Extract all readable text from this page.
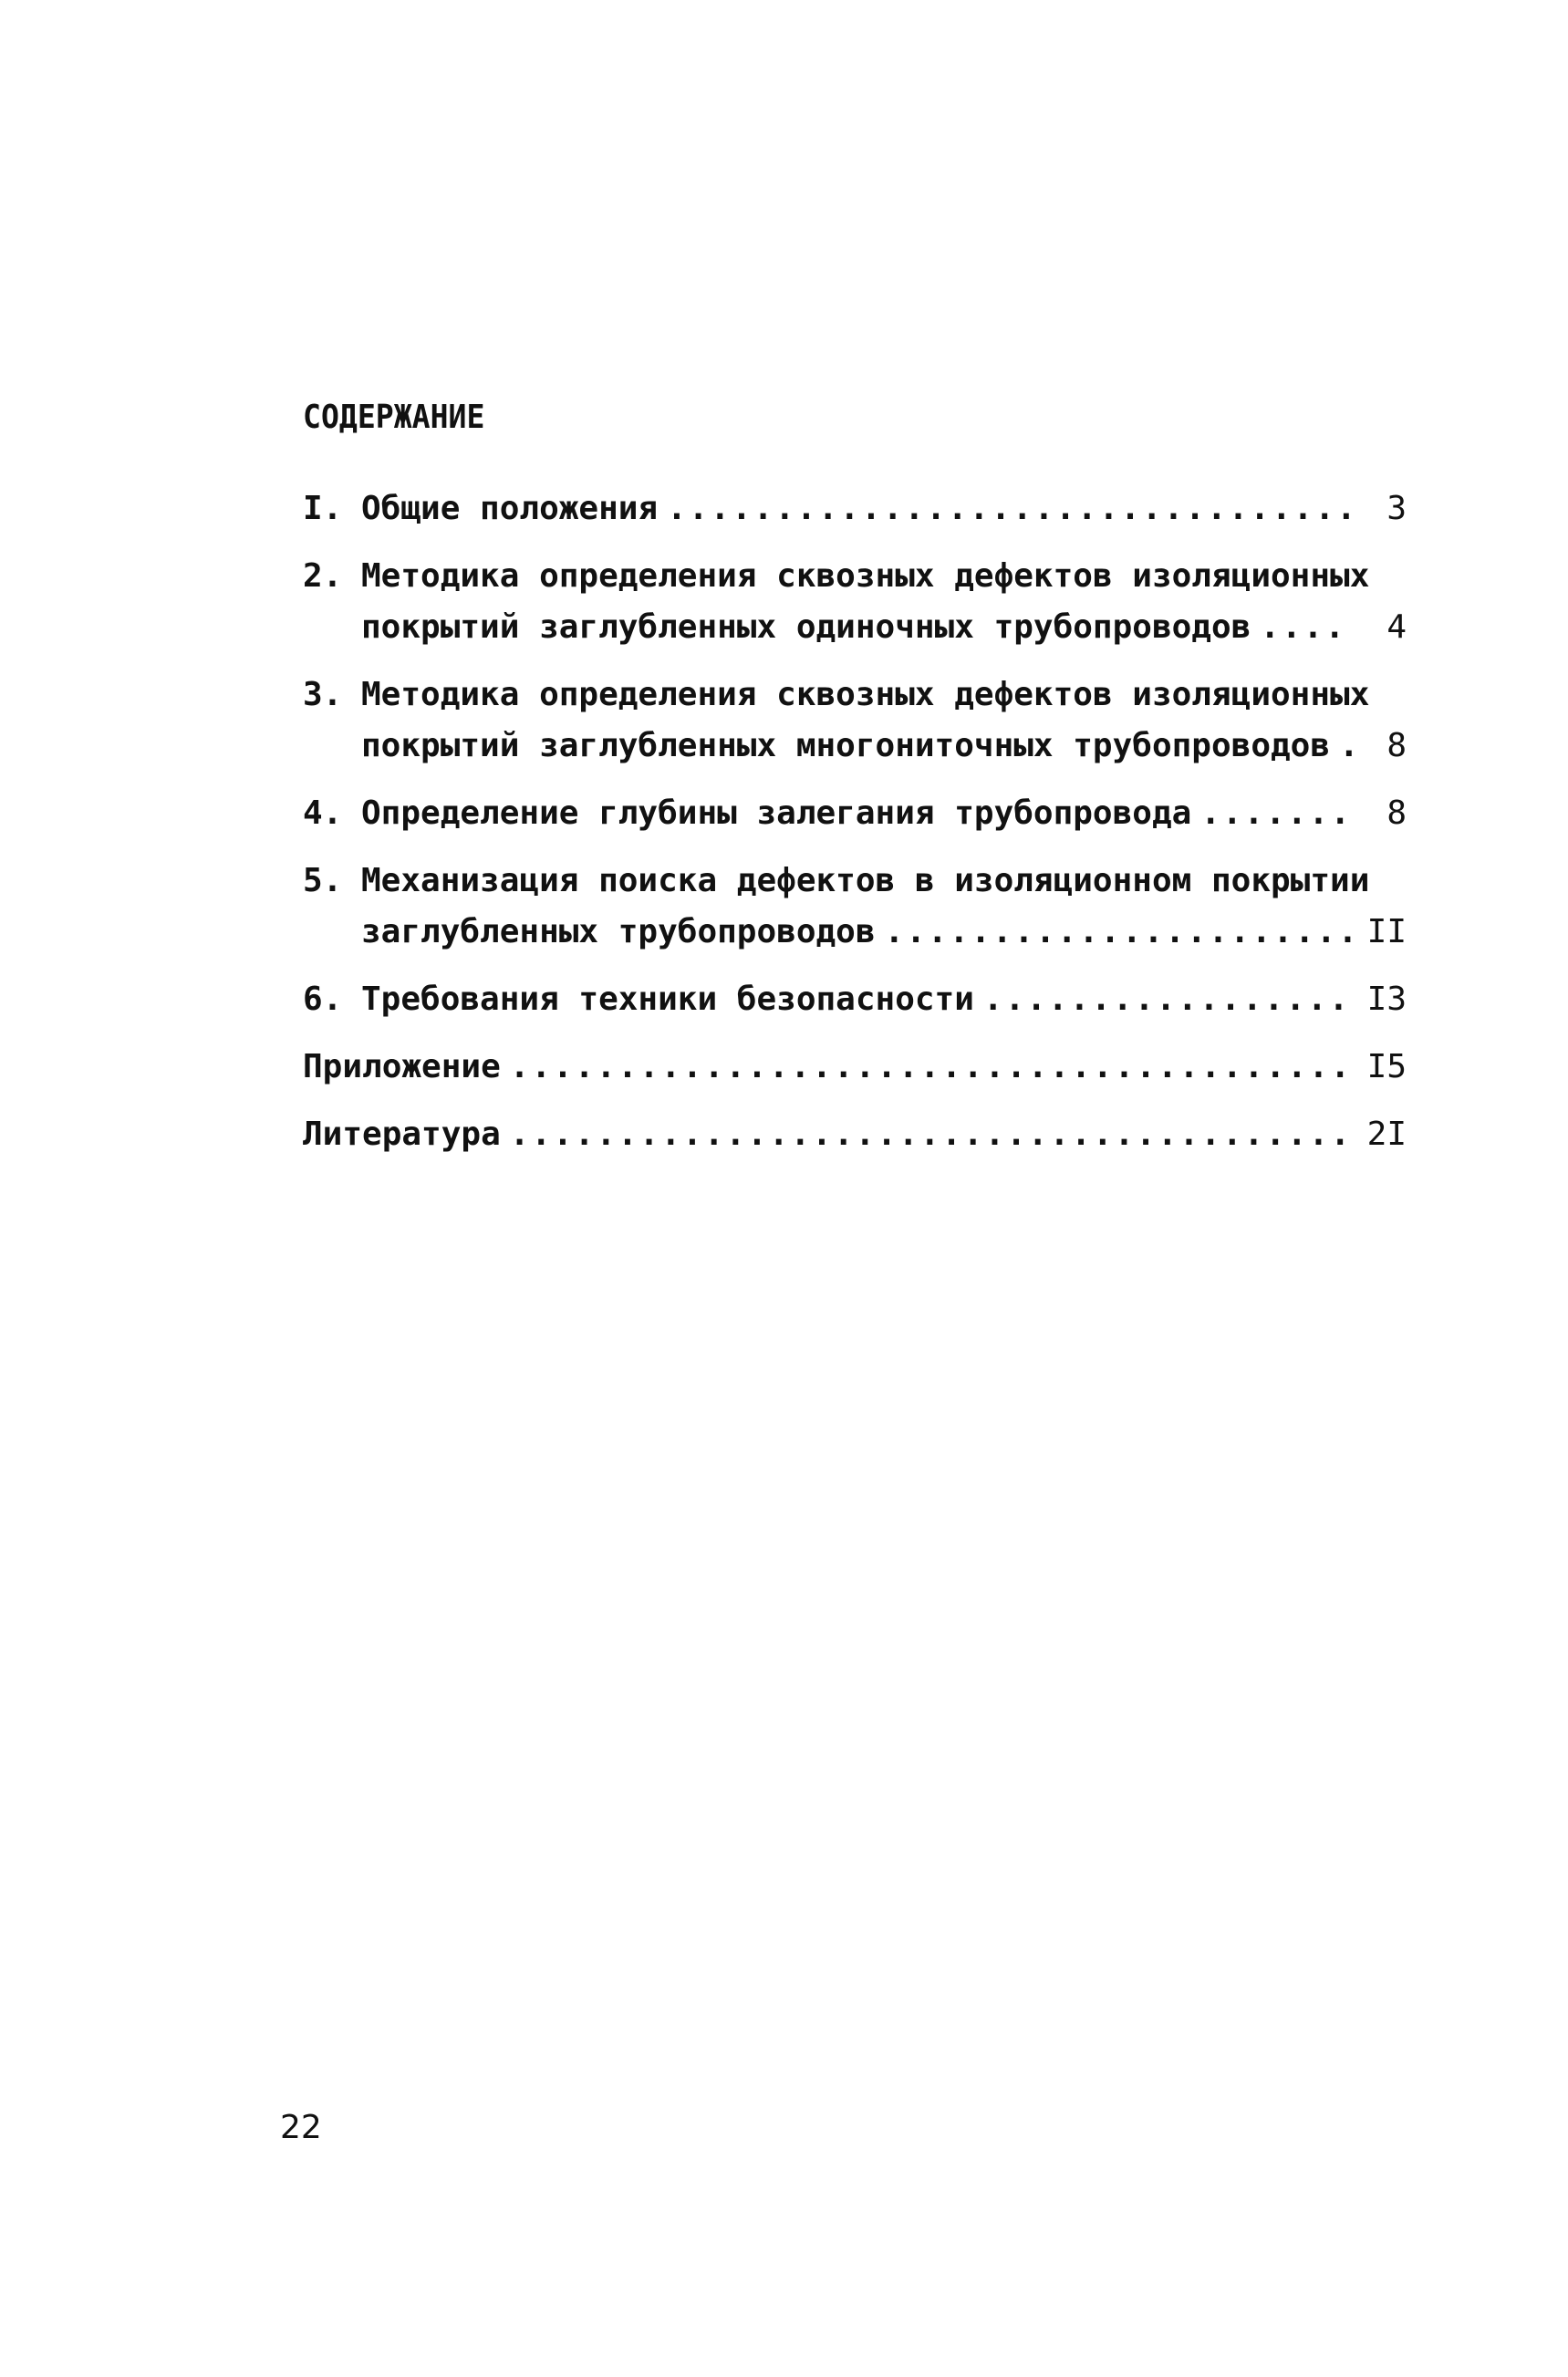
СОДЕРЖАНИЕ
I. Общие положения .....	3
2. Методика определения сквозных дефектов изоляционных
покрытий заглубленных одиночных трубопроводов .....	4
3. Методика определения сквозных дефектов изоляционных
покрытий заглубленных многониточных трубопроводов .....	8
4. Определение глубины залегания трубопровода .....	8
5. Механизация поиска дефектов в изоляционном покрытии
заглубленных трубопроводов .....	II
6. Требования техники безопасности .....	I3
Приложение .....	I5
Литература .....	2I
22
